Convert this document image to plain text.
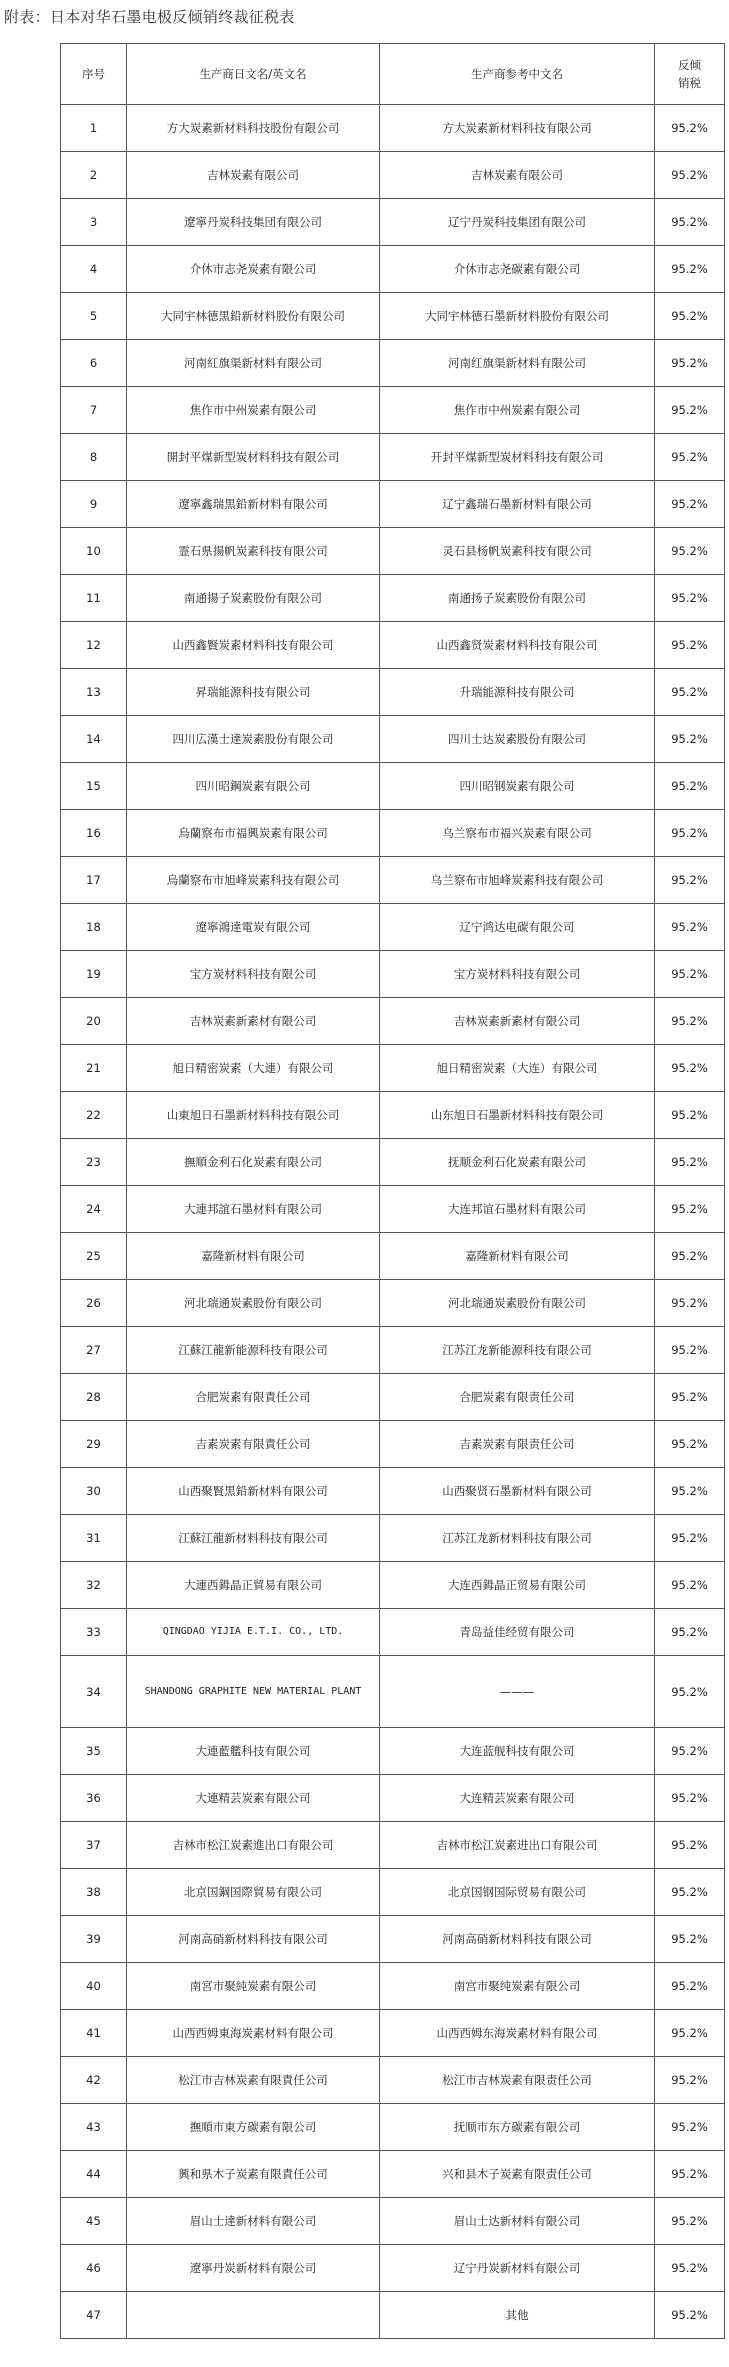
附表：日本对华石墨电极反倾销终裁征税表
序号	生产商日文名/英文名	生产商参考中文名	反倾
销税
1	方大炭素新材料科技股份有限公司	方大炭素新材料科技有限公司	95.2%
2	吉林炭素有限公司	吉林炭素有限公司	95.2%
3	遼寧丹炭科技集団有限公司	辽宁丹炭科技集团有限公司	95.2%
4	介休市志尧炭素有限公司	介休市志尧碳素有限公司	95.2%
5	大同宇林德黒鉛新材料股份有限公司	大同宇林德石墨新材料股份有限公司	95.2%
6	河南紅旗渠新材料有限公司	河南红旗渠新材料有限公司	95.2%
7	焦作市中州炭素有限公司	焦作市中州炭素有限公司	95.2%
8	開封平煤新型炭材料科技有限公司	开封平煤新型炭材料科技有限公司	95.2%
9	遼寧鑫瑞黒鉛新材料有限公司	辽宁鑫瑞石墨新材料有限公司	95.2%
10	霊石県揚帆炭素科技有限公司	灵石县杨帆炭素科技有限公司	95.2%
11	南通揚子炭素股份有限公司	南通扬子炭素股份有限公司	95.2%
12	山西鑫賢炭素材料科技有限公司	山西鑫贤炭素材料科技有限公司	95.2%
13	昇瑞能源科技有限公司	升瑞能源科技有限公司	95.2%
14	四川広漢士達炭素股份有限公司	四川士达炭素股份有限公司	95.2%
15	四川昭鋼炭素有限公司	四川昭钢炭素有限公司	95.2%
16	烏蘭察布市福興炭素有限公司	乌兰察布市福兴炭素有限公司	95.2%
17	烏蘭察布市旭峰炭素科技有限公司	乌兰察布市旭峰炭素科技有限公司	95.2%
18	遼寧鴻達電炭有限公司	辽宁鸿达电碳有限公司	95.2%
19	宝方炭材料科技有限公司	宝方炭材料科技有限公司	95.2%
20	吉林炭素新素材有限公司	吉林炭素新素材有限公司	95.2%
21	旭日精密炭素（大連）有限公司	旭日精密炭素（大连）有限公司	95.2%
22	山東旭日石墨新材料科技有限公司	山东旭日石墨新材料科技有限公司	95.2%
23	撫順金利石化炭素有限公司	抚顺金利石化炭素有限公司	95.2%
24	大連邦誼石墨材料有限公司	大连邦谊石墨材料有限公司	95.2%
25	嘉隆新材料有限公司	嘉隆新材料有限公司	95.2%
26	河北瑞通炭素股份有限公司	河北瑞通炭素股份有限公司	95.2%
27	江蘇江龍新能源科技有限公司	江苏江龙新能源科技有限公司	95.2%
28	合肥炭素有限責任公司	合肥炭素有限责任公司	95.2%
29	吉素炭素有限責任公司	吉素炭素有限责任公司	95.2%
30	山西聚賢黒鉛新材料有限公司	山西聚贤石墨新材料有限公司	95.2%
31	江蘇江龍新材料科技有限公司	江苏江龙新材料科技有限公司	95.2%
32	大連西鉧晶正貿易有限公司	大连西鉧晶正贸易有限公司	95.2%
33	QINGDAO YIJIA E.T.I. CO., LTD.	青岛益佳经贸有限公司	95.2%
34	SHANDONG GRAPHITE NEW MATERIAL PLANT	———	95.2%
35	大連藍艦科技有限公司	大连蓝舰科技有限公司	95.2%
36	大連精芸炭素有限公司	大连精芸炭素有限公司	95.2%
37	吉林市松江炭素進出口有限公司	吉林市松江炭素进出口有限公司	95.2%
38	北京国鋼国際貿易有限公司	北京国钢国际贸易有限公司	95.2%
39	河南高硝新材料科技有限公司	河南高硝新材料科技有限公司	95.2%
40	南宮市聚純炭素有限公司	南宫市聚纯炭素有限公司	95.2%
41	山西西姆東海炭素材料有限公司	山西西姆东海炭素材料有限公司	95.2%
42	松江市吉林炭素有限責任公司	松江市吉林炭素有限责任公司	95.2%
43	撫順市東方碳素有限公司	抚顺市东方碳素有限公司	95.2%
44	興和県木子炭素有限責任公司	兴和县木子炭素有限责任公司	95.2%
45	眉山士達新材料有限公司	眉山士达新材料有限公司	95.2%
46	遼寧丹炭新材料有限公司	辽宁丹炭新材料有限公司	95.2%
47		其他	95.2%
